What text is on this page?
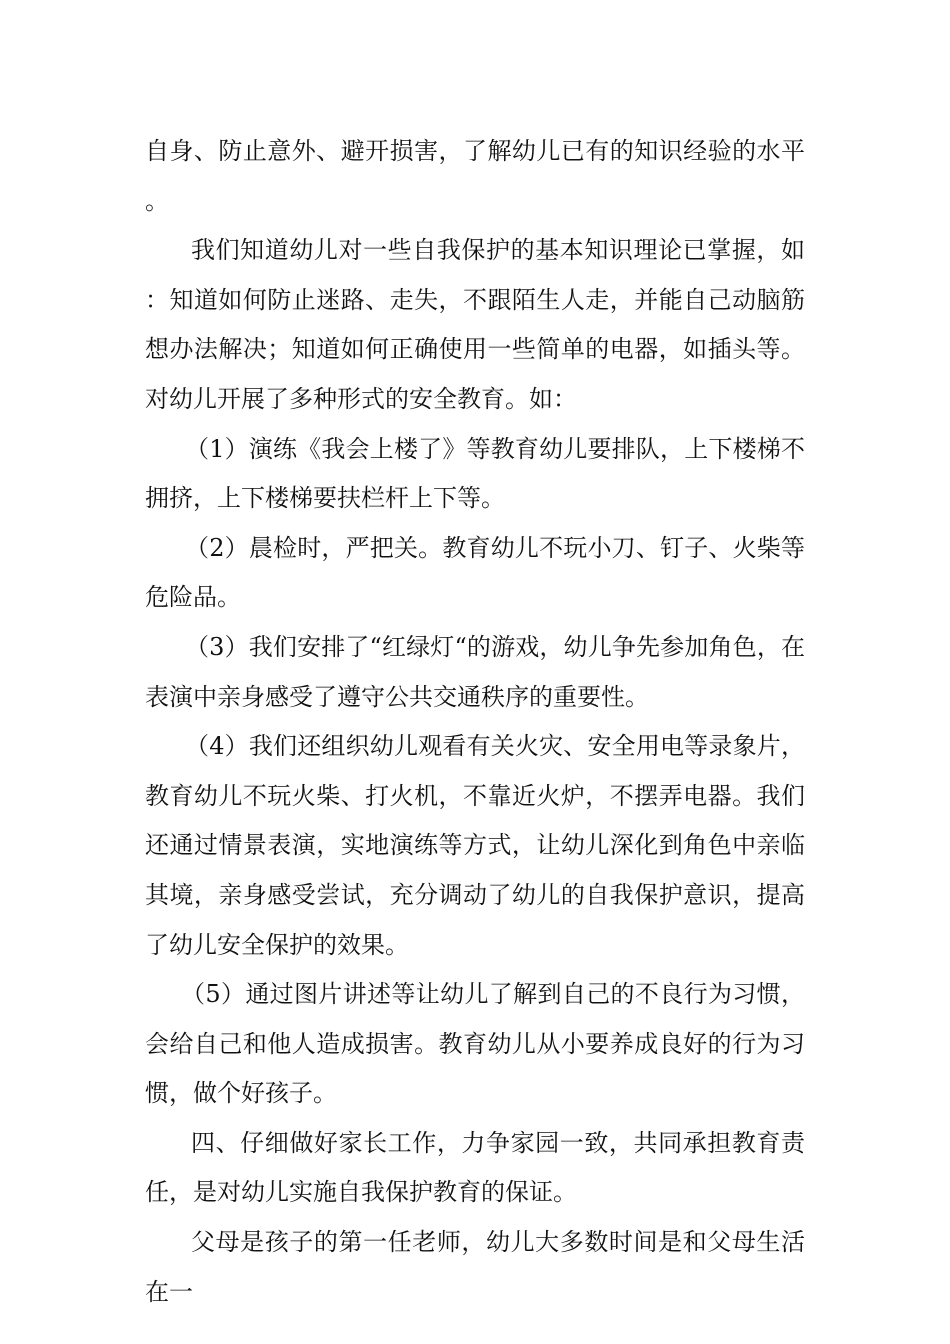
自身、防止意外、避开损害，了解幼儿已有的知识经验的水平。

我们知道幼儿对一些自我保护的基本知识理论已掌握，如：知道如何防止迷路、走失，不跟陌生人走，并能自己动脑筋想办法解决；知道如何正确使用一些简单的电器，如插头等。对幼儿开展了多种形式的安全教育。如：

（1）演练《我会上楼了》等教育幼儿要排队，上下楼梯不拥挤，上下楼梯要扶栏杆上下等。

（2）晨检时，严把关。教育幼儿不玩小刀、钉子、火柴等危险品。

（3）我们安排了“红绿灯“的游戏，幼儿争先参加角色，在表演中亲身感受了遵守公共交通秩序的重要性。

（4）我们还组织幼儿观看有关火灾、安全用电等录象片，教育幼儿不玩火柴、打火机，不靠近火炉，不摆弄电器。我们还通过情景表演，实地演练等方式，让幼儿深化到角色中亲临其境，亲身感受尝试，充分调动了幼儿的自我保护意识，提高了幼儿安全保护的效果。

（5）通过图片讲述等让幼儿了解到自己的不良行为习惯，会给自己和他人造成损害。教育幼儿从小要养成良好的行为习惯，做个好孩子。

四、仔细做好家长工作，力争家园一致，共同承担教育责任，是对幼儿实施自我保护教育的保证。

父母是孩子的第一任老师，幼儿大多数时间是和父母生活在一
